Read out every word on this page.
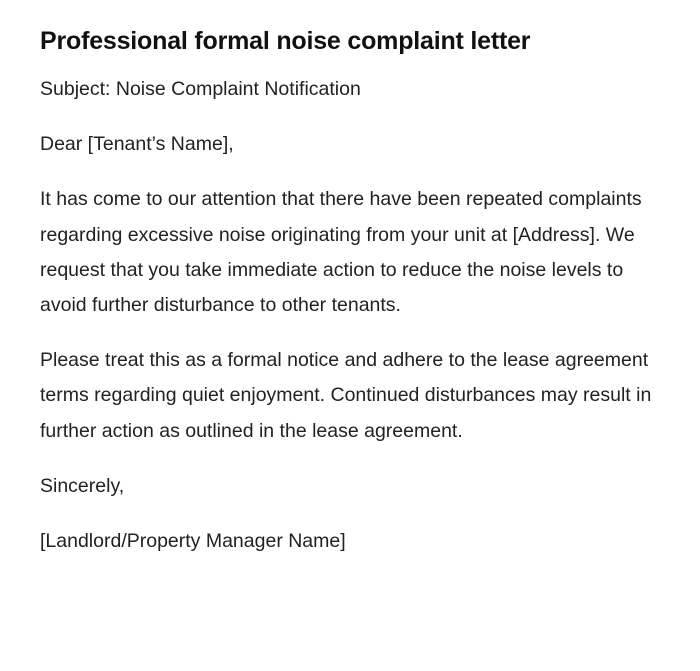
Professional formal noise complaint letter

Subject: Noise Complaint Notification

Dear [Tenant’s Name],

It has come to our attention that there have been repeated complaints regarding excessive noise originating from your unit at [Address]. We request that you take immediate action to reduce the noise levels to avoid further disturbance to other tenants.

Please treat this as a formal notice and adhere to the lease agreement terms regarding quiet enjoyment. Continued disturbances may result in further action as outlined in the lease agreement.

Sincerely,

[Landlord/Property Manager Name]
